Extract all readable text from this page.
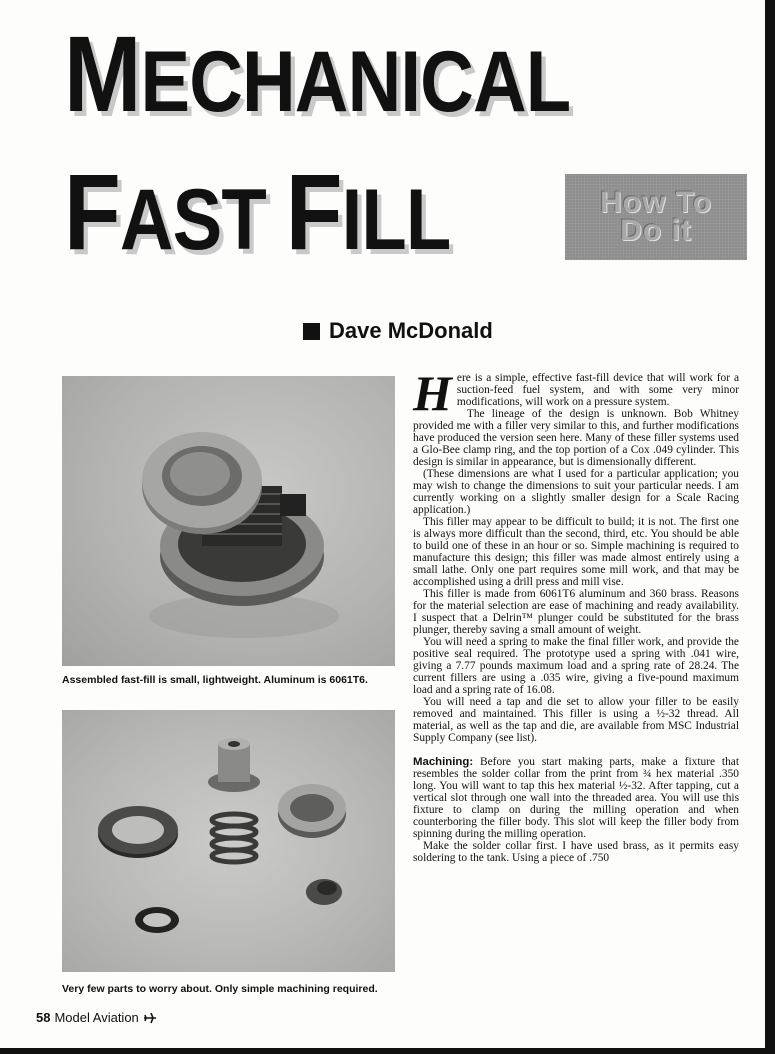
MECHANICAL
FAST FILL	How To
Do it
Dave McDonald
Assembled fast-fill is small, lightweight. Aluminum is 6061T6.
Very few parts to worry about. Only simple machining required.

Here is a simple, effective fast-fill device that will work for a suction-feed fuel system, and with some very minor modifications, will work on a pressure system.

The lineage of the design is unknown. Bob Whitney provided me with a filler very similar to this, and further modifications have produced the version seen here. Many of these filler systems used a Glo-Bee clamp ring, and the top portion of a Cox .049 cylinder. This design is similar in appearance, but is dimensionally different.

(These dimensions are what I used for a particular application; you may wish to change the dimensions to suit your particular needs. I am currently working on a slightly smaller design for a Scale Racing application.)

This filler may appear to be difficult to build; it is not. The first one is always more difficult than the second, third, etc. You should be able to build one of these in an hour or so. Simple machining is required to manufacture this design; this filler was made almost entirely using a small lathe. Only one part requires some mill work, and that may be accomplished using a drill press and mill vise.

This filler is made from 6061T6 aluminum and 360 brass. Reasons for the material selection are ease of machining and ready availability. I suspect that a Delrin™ plunger could be substituted for the brass plunger, thereby saving a small amount of weight.

You will need a spring to make the final filler work, and provide the positive seal required. The prototype used a spring with .041 wire, giving a 7.77 pounds maximum load and a spring rate of 28.24. The current fillers are using a .035 wire, giving a five-pound maximum load and a spring rate of 16.08.

You will need a tap and die set to allow your filler to be easily removed and maintained. This filler is using a ½-32 thread. All material, as well as the tap and die, are available from MSC Industrial Supply Company (see list).

Machining: Before you start making parts, make a fixture that resembles the solder collar from the print from ¾ hex material .350 long. You will want to tap this hex material ½-32. After tapping, cut a vertical slot through one wall into the threaded area. You will use this fixture to clamp on during the milling operation and when counterboring the filler body. This slot will keep the filler body from spinning during the milling operation.

Make the solder collar first. I have used brass, as it permits easy soldering to the tank. Using a piece of .750

58 Model Aviation
